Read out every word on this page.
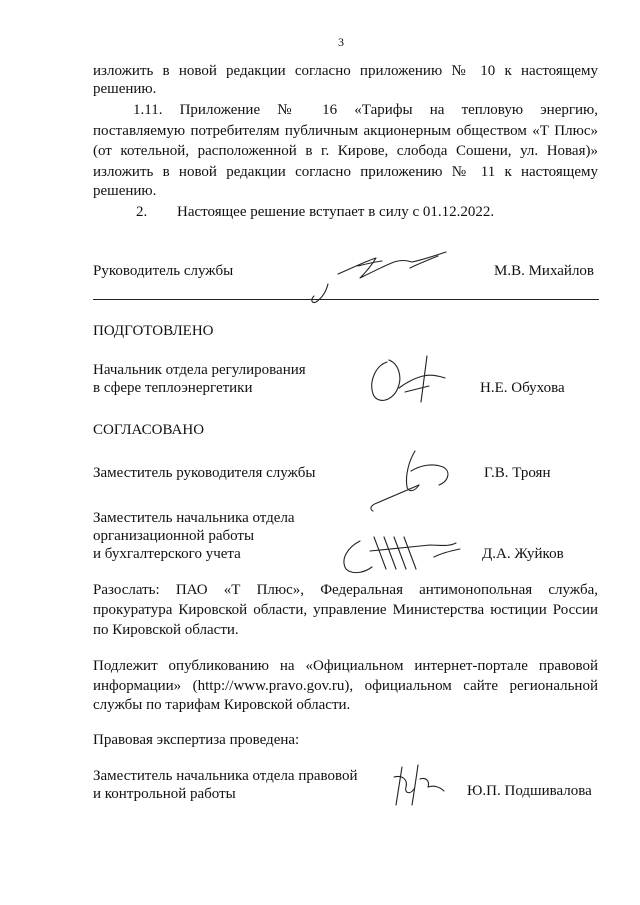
3
изложить в новой редакции согласно приложению № 10 к настоящему
решению.
1.11. Приложение № 16 «Тарифы на тепловую энергию,
поставляемую потребителям публичным акционерным обществом «Т Плюс»
(от котельной, расположенной в г. Кирове, слобода Сошени, ул. Новая)»
изложить в новой редакции согласно приложению № 11 к настоящему
решению.
2. Настоящее решение вступает в силу с 01.12.2022.
Руководитель службы	М.В. Михайлов
ПОДГОТОВЛЕНО
Начальник отдела регулирования
в сфере теплоэнергетики	Н.Е. Обухова
СОГЛАСОВАНО
Заместитель руководителя службы	Г.В. Троян
Заместитель начальника отдела
организационной работы
и бухгалтерского учета	Д.А. Жуйков
Разослать: ПАО «Т Плюс», Федеральная антимонопольная служба,
прокуратура Кировской области, управление Министерства юстиции России
по Кировской области.
Подлежит опубликованию на «Официальном интернет-портале правовой
информации» (http://www.pravo.gov.ru), официальном сайте региональной
службы по тарифам Кировской области.
Правовая экспертиза проведена:
Заместитель начальника отдела правовой
и контрольной работы	Ю.П. Подшивалова
